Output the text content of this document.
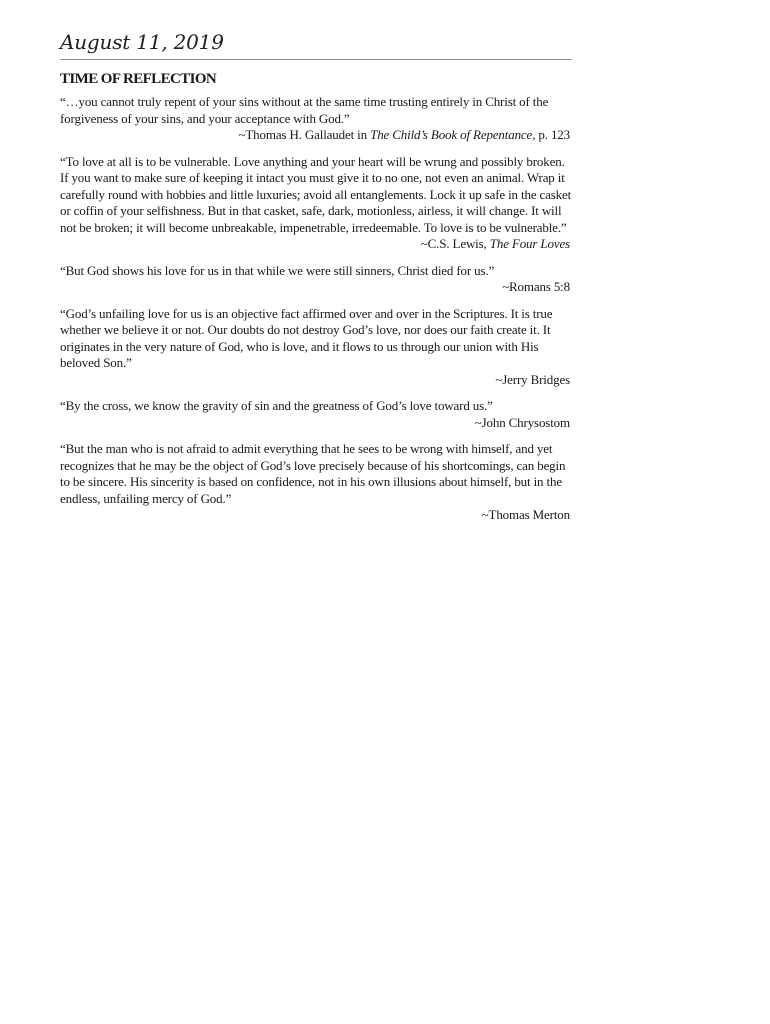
August 11, 2019
TIME OF REFLECTION

“…you cannot truly repent of your sins without at the same time trusting entirely in Christ of the forgiveness of your sins, and your acceptance with God.”

~Thomas H. Gallaudet in The Child’s Book of Repentance, p. 123

“To love at all is to be vulnerable. Love anything and your heart will be wrung and possibly broken. If you want to make sure of keeping it intact you must give it to no one, not even an animal. Wrap it carefully round with hobbies and little luxuries; avoid all entanglements. Lock it up safe in the casket or coffin of your selfishness. But in that casket, safe, dark, motionless, airless, it will change. It will not be broken; it will become unbreakable, impenetrable, irredeemable. To love is to be vulnerable.”

~C.S. Lewis, The Four Loves

“But God shows his love for us in that while we were still sinners, Christ died for us.”

~Romans 5:8

“God’s unfailing love for us is an objective fact affirmed over and over in the Scriptures. It is true whether we believe it or not. Our doubts do not destroy God’s love, nor does our faith create it. It originates in the very nature of God, who is love, and it flows to us through our union with His beloved Son.”

~Jerry Bridges

“By the cross, we know the gravity of sin and the greatness of God’s love toward us.”

~John Chrysostom

“But the man who is not afraid to admit everything that he sees to be wrong with himself, and yet recognizes that he may be the object of God’s love precisely because of his shortcomings, can begin to be sincere. His sincerity is based on confidence, not in his own illusions about himself, but in the endless, unfailing mercy of God.”

~Thomas Merton
